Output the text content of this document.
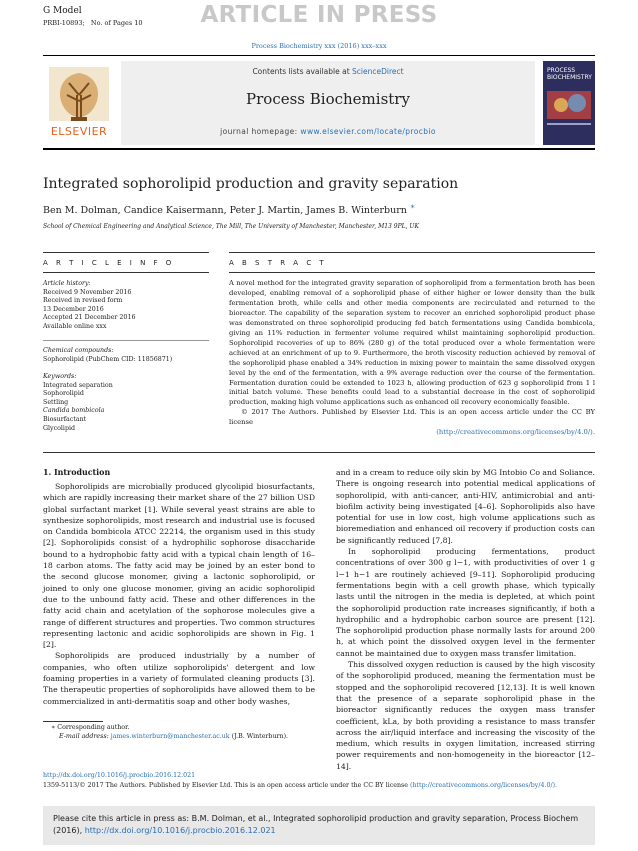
G Model
PRBI-10893; No. of Pages 10	ARTICLE IN PRESS
Process Biochemistry xxx (2016) xxx–xxx
ELSEVIER
Contents lists available at ScienceDirect
Process Biochemistry
journal homepage: www.elsevier.com/locate/procbio
PROCESS BIOCHEMISTRY
Integrated sophorolipid production and gravity separation
Ben M. Dolman, Candice Kaisermann, Peter J. Martin, James B. Winterburn ∗
School of Chemical Engineering and Analytical Science, The Mill, The University of Manchester, Manchester, M13 9PL, UK
A R T I C L E I N F O	A B S T R A C T
Article history:
Received 9 November 2016
Received in revised form
13 December 2016
Accepted 21 December 2016
Available online xxx
Chemical compounds:
Sophorolipid (PubChem CID: 11856871)
Keywords:
Integrated separation
Sophorolipid
Settling
Candida bombicola
Biosurfactant
Glycolipid
A novel method for the integrated gravity separation of sophorolipid from a fermentation broth has been developed, enabling removal of a sophorolipid phase of either higher or lower density than the bulk fermentation broth, while cells and other media components are recirculated and returned to the bioreactor. The capability of the separation system to recover an enriched sophorolipid product phase was demonstrated on three sophorolipid producing fed batch fermentations using Candida bombicola, giving an 11% reduction in fermenter volume required whilst maintaining sophorolipid production. Sophorolipid recoveries of up to 86% (280 g) of the total produced over a whole fermentation were achieved at an enrichment of up to 9. Furthermore, the broth viscosity reduction achieved by removal of the sophorolipid phase enabled a 34% reduction in mixing power to maintain the same dissolved oxygen level by the end of the fermentation, with a 9% average reduction over the course of the fermentation. Fermentation duration could be extended to 1023 h, allowing production of 623 g sophorolipid from 1 l initial batch volume. These benefits could lead to a substantial decrease in the cost of sophorolipid production, making high volume applications such as enhanced oil recovery economically feasible.
© 2017 The Authors. Published by Elsevier Ltd. This is an open access article under the CC BY license
(http://creativecommons.org/licenses/by/4.0/).
1. Introduction

Sophorolipids are microbially produced glycolipid biosurfactants, which are rapidly increasing their market share of the 27 billion USD global surfactant market [1]. While several yeast strains are able to synthesize sophorolipids, most research and industrial use is focused on Candida bombicola ATCC 22214, the organism used in this study [2]. Sophorolipids consist of a hydrophilic sophorose disaccharide bound to a hydrophobic fatty acid with a typical chain length of 16–18 carbon atoms. The fatty acid may be joined by an ester bond to the second glucose monomer, giving a lactonic sophorolipid, or joined to only one glucose monomer, giving an acidic sophorolipid due to the unbound fatty acid. These and other differences in the fatty acid chain and acetylation of the sophorose molecules give a range of different structures and properties. Two common structures representing lactonic and acidic sophorolipids are shown in Fig. 1 [2].

Sophorolipids are produced industrially by a number of companies, who often utilize sophorolipids' detergent and low foaming properties in a variety of formulated cleaning products [3]. The therapeutic properties of sophorolipids have allowed them to be commercialized in anti-dermatitis soap and other body washes,

and in a cream to reduce oily skin by MG Intobio Co and Soliance. There is ongoing research into potential medical applications of sophorolipid, with anti-cancer, anti-HIV, antimicrobial and anti-biofilm activity being investigated [4–6]. Sophorolipids also have potential for use in low cost, high volume applications such as bioremediation and enhanced oil recovery if production costs can be significantly reduced [7,8].

In sophorolipid producing fermentations, product concentrations of over 300 g l−1, with productivities of over 1 g l−1 h−1 are routinely achieved [9–11]. Sophorolipid producing fermentations begin with a cell growth phase, which typically lasts until the nitrogen in the media is depleted, at which point the sophorolipid production rate increases significantly, if both a hydrophilic and a hydrophobic carbon source are present [12]. The sophorolipid production phase normally lasts for around 200 h, at which point the dissolved oxygen level in the fermenter cannot be maintained due to oxygen mass transfer limitation.

This dissolved oxygen reduction is caused by the high viscosity of the sophorolipid produced, meaning the fermentation must be stopped and the sophorolipid recovered [12,13]. It is well known that the presence of a separate sophorolipid phase in the bioreactor significantly reduces the oxygen mass transfer coefficient, kLa, by both providing a resistance to mass transfer across the air/liquid interface and increasing the viscosity of the medium, which results in oxygen limitation, increased stirring power requirements and non-homogeneity in the bioreactor [12–14].

∗ Corresponding author.
E-mail address: james.winterburn@manchester.ac.uk (J.B. Winterburn).
http://dx.doi.org/10.1016/j.procbio.2016.12.021
1359-5113/© 2017 The Authors. Published by Elsevier Ltd. This is an open access article under the CC BY license (http://creativecommons.org/licenses/by/4.0/).
Please cite this article in press as: B.M. Dolman, et al., Integrated sophorolipid production and gravity separation, Process Biochem (2016), http://dx.doi.org/10.1016/j.procbio.2016.12.021
